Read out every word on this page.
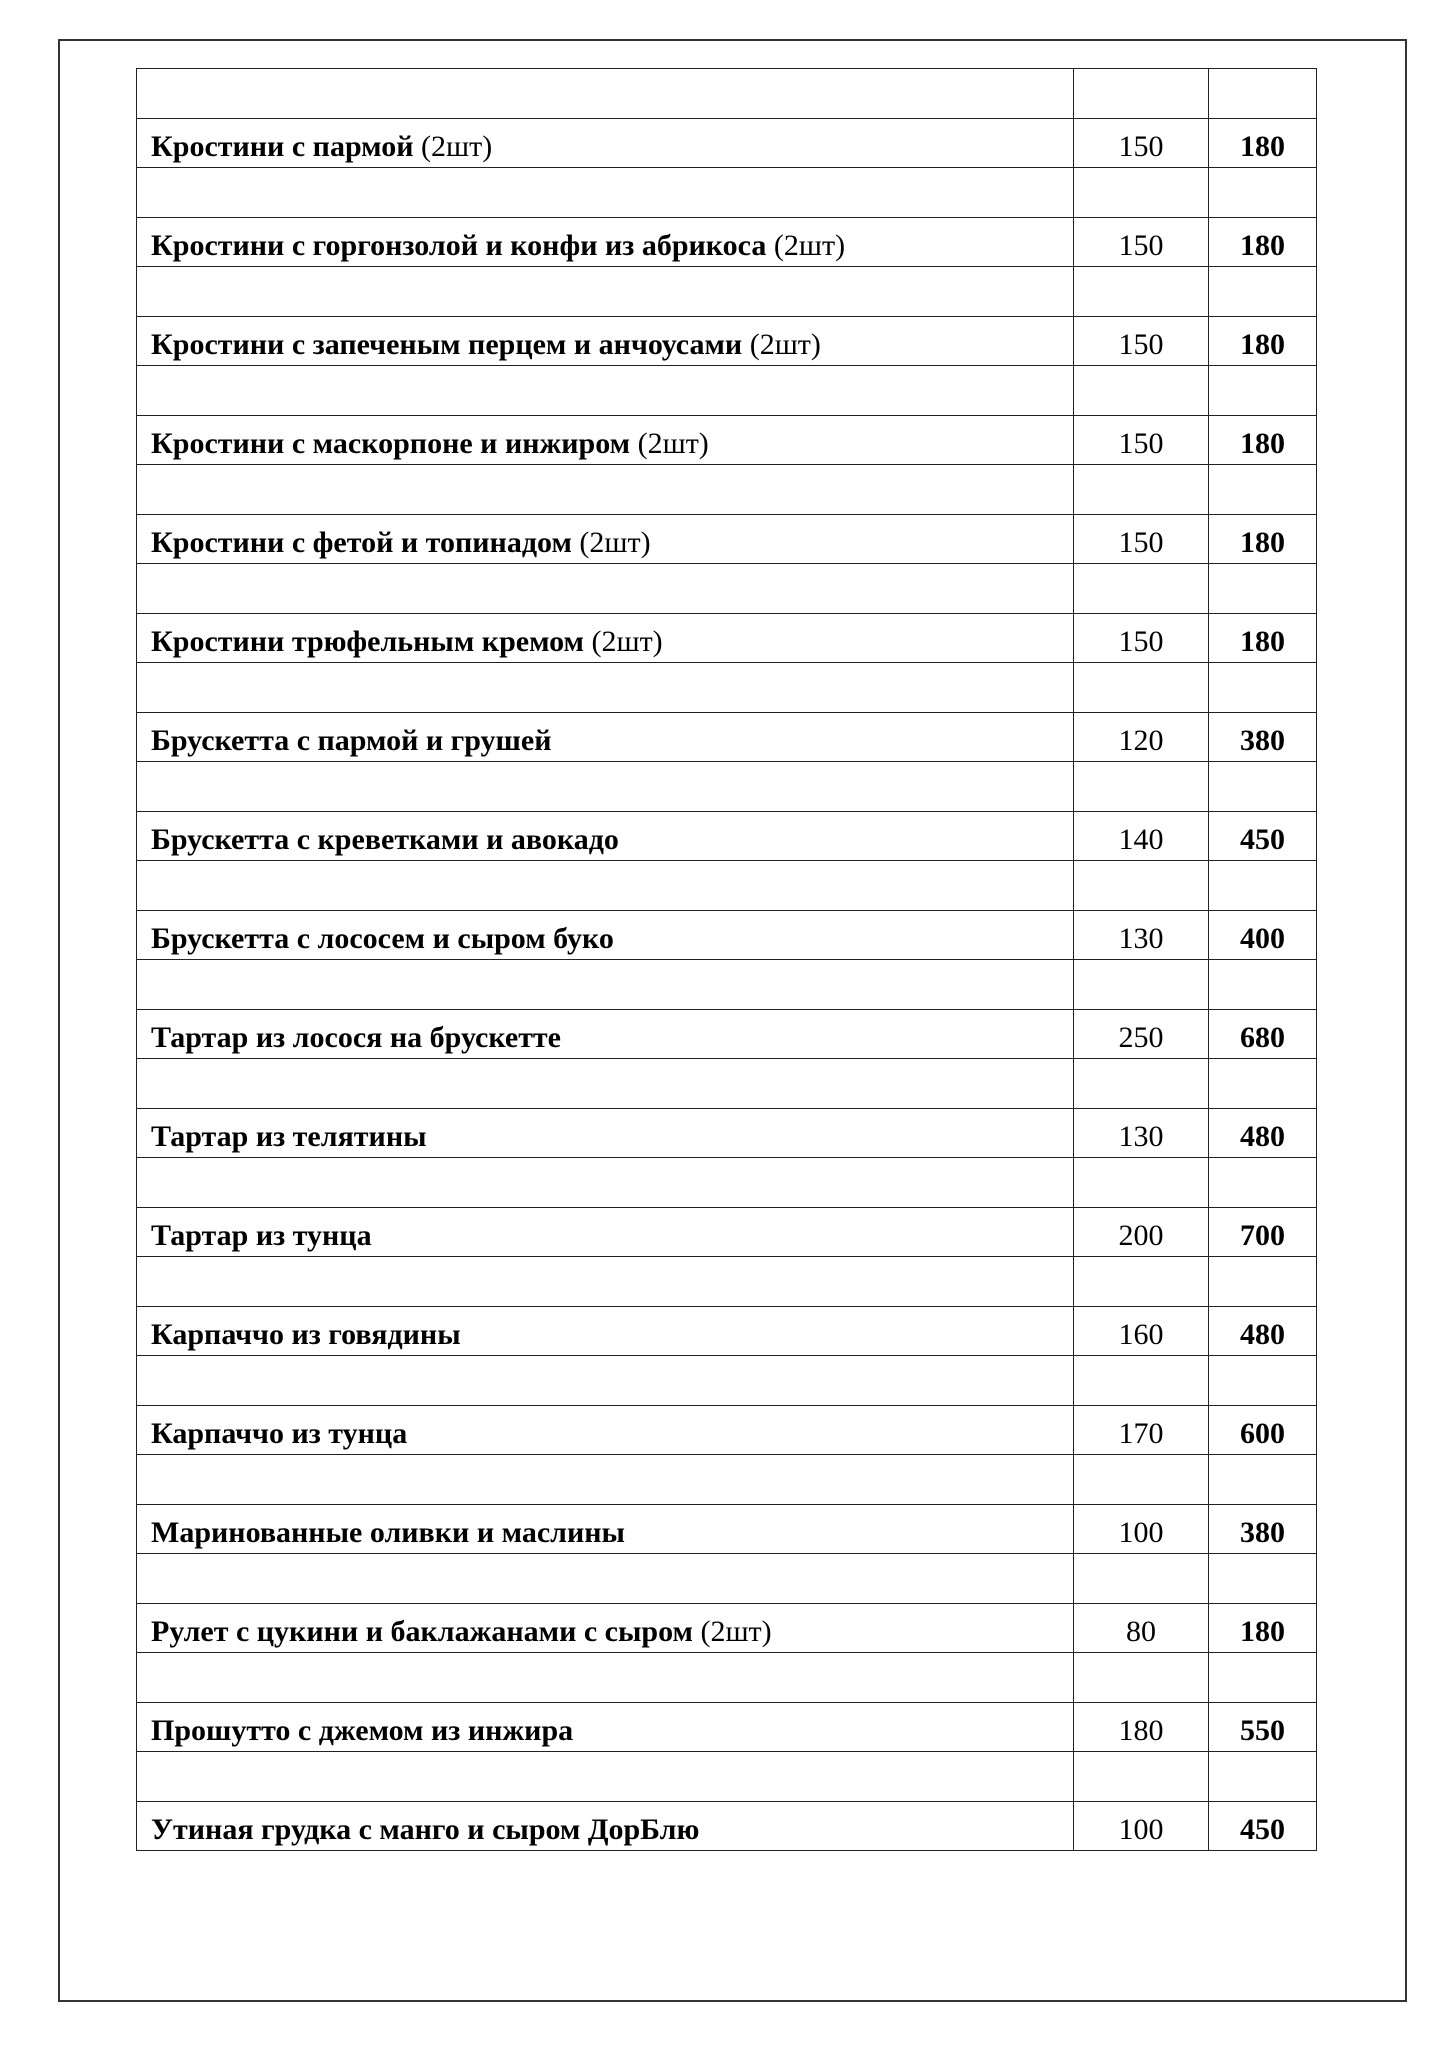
Кростини с пармой (2шт)	150	180

Кростини с горгонзолой и конфи из абрикоса (2шт)	150	180

Кростини с запеченым перцем и анчоусами (2шт)	150	180

Кростини с маскорпоне и инжиром (2шт)	150	180

Кростини с фетой и топинадом (2шт)	150	180

Кростини трюфельным кремом (2шт)	150	180

Брускетта с пармой и грушей	120	380

Брускетта с креветками и авокадо	140	450

Брускетта с лососем и сыром буко	130	400

Тартар из лосося на брускетте	250	680

Тартар из телятины	130	480

Тартар из тунца	200	700

Карпаччо из говядины	160	480

Карпаччо из тунца	170	600

Маринованные оливки и маслины	100	380

Рулет с цукини и баклажанами с сыром (2шт)	80	180

Прошутто с джемом из инжира	180	550

Утиная грудка с манго и сыром ДорБлю	100	450
